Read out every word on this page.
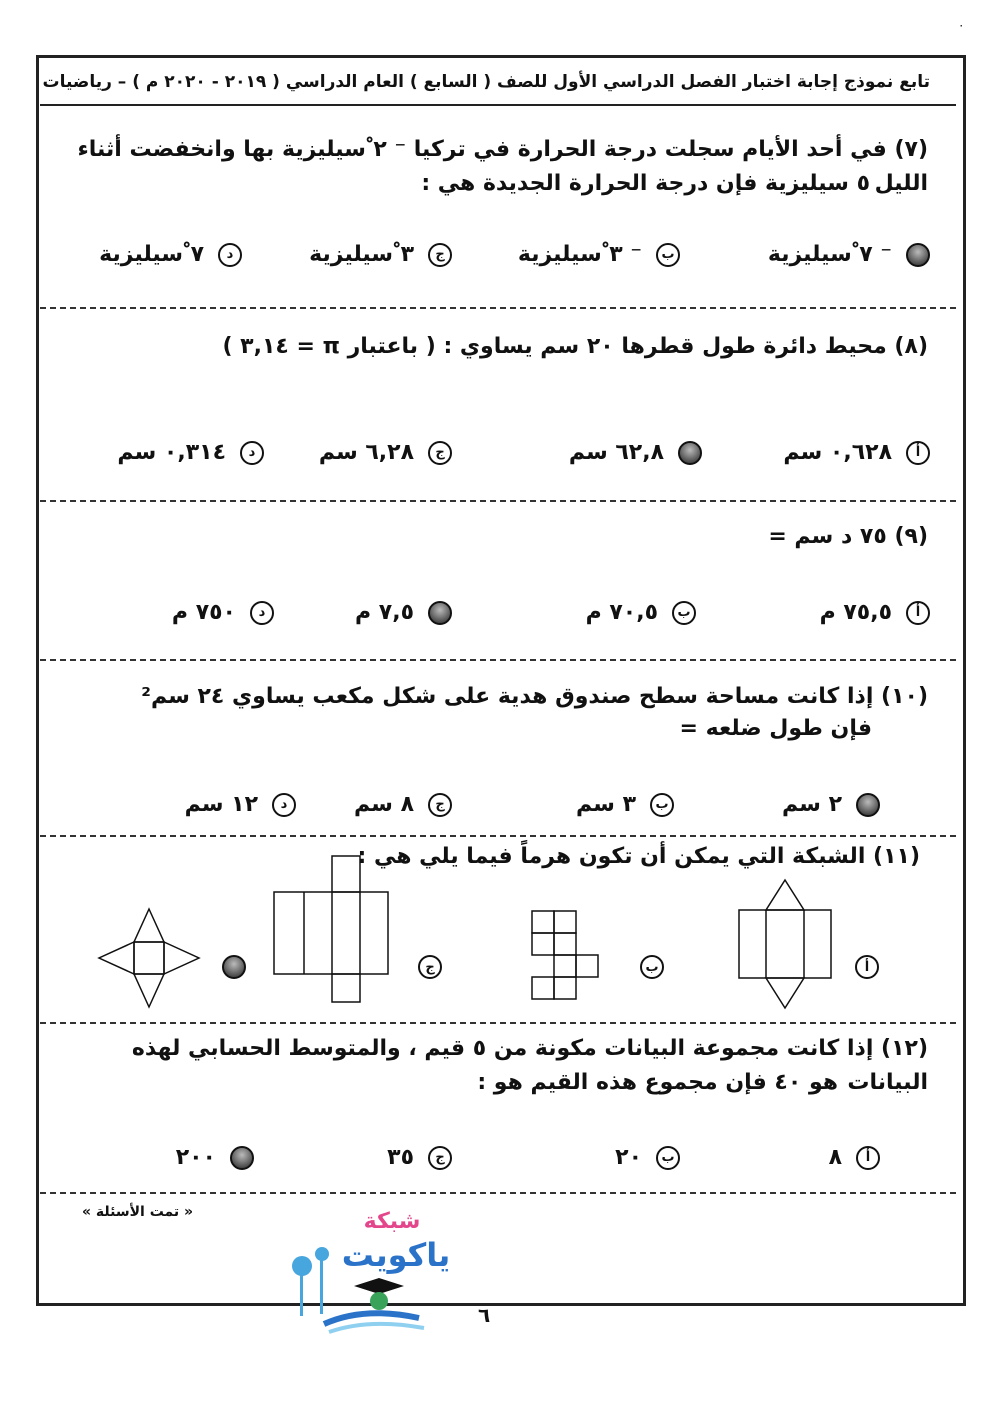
٠
تابع نموذج إجابة اختبار الفصل الدراسي الأول للصف ( السابع ) العام الدراسي ( ٢٠١٩ - ٢٠٢٠ م ) – رياضيات
(٧) في أحد الأيام سجلت درجة الحرارة في تركيا ⁻ ٢ ْسيليزية بها وانخفضت أثناء الليل
٥ سيليزية فإن درجة الحرارة الجديدة هي :
⁻ ٧ ْسيليزية
ب
⁻ ٣ ْسيليزية
ج
٣ ْسيليزية
د
٧ ْسيليزية
(٨) محيط دائرة طول قطرها ٢٠ سم يساوي : ( باعتبار π = ٣,١٤ )
أ
٠,٦٢٨ سم
٦٢,٨ سم
ج
٦,٢٨ سم
د
٠,٣١٤ سم
(٩) ٧٥ د سم =
أ
٧٥,٥ م
ب
٧٠,٥ م
٧,٥ م
د
٧٥٠ م
(١٠) إذا كانت مساحة سطح صندوق هدية على شكل مكعب يساوي ٢٤ سم²
فإن طول ضلعه =
٢ سم
ب
٣ سم
ج
٨ سم
د
١٢ سم
(١١) الشبكة التي يمكن أن تكون هرماً فيما يلي هي :
أ
ب
ج
(١٢) إذا كانت مجموعة البيانات مكونة من ٥ قيم ، والمتوسط الحسابي لهذه البيانات
هو ٤٠ فإن مجموع هذه القيم هو :
أ
٨
ب
٢٠
ج
٣٥
٢٠٠
« تمت الأسئلة »	شبكة
ياكويت
٦
